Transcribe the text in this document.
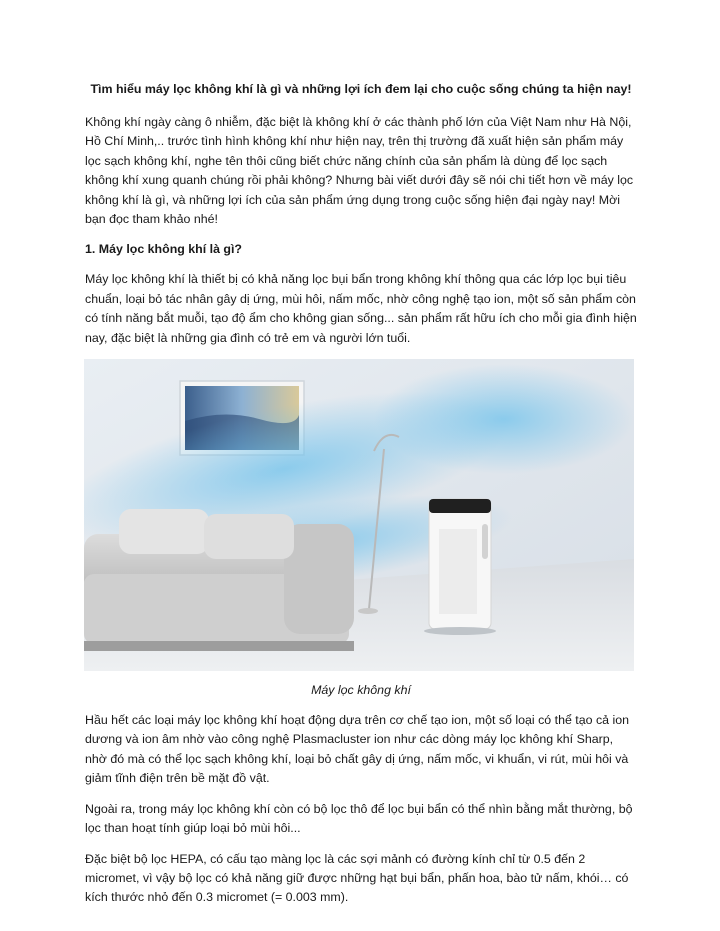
Tìm hiểu máy lọc không khí là gì và những lợi ích đem lại cho cuộc sống chúng ta hiện nay!

Không khí ngày càng ô nhiễm, đặc biệt là không khí ở các thành phố lớn của Việt Nam như Hà Nội, Hồ Chí Minh,.. trước tình hình không khí như hiện nay, trên thị trường đã xuất hiện sản phẩm máy lọc sạch không khí, nghe tên thôi cũng biết chức năng chính của sản phẩm là dùng để lọc sạch không khí xung quanh chúng rồi phải không? Nhưng bài viết dưới đây sẽ nói chi tiết hơn về máy lọc không khí là gì, và những lợi ích của sản phẩm ứng dụng trong cuộc sống hiện đại ngày nay! Mời bạn đọc tham khảo nhé!

1. Máy lọc không khí là gì?

Máy lọc không khí là thiết bị có khả năng lọc bụi bẩn trong không khí thông qua các lớp lọc bụi tiêu chuẩn, loại bỏ tác nhân gây dị ứng, mùi hôi, nấm mốc, nhờ công nghệ tạo ion, một số sản phẩm còn có tính năng bắt muỗi, tạo độ ẩm cho không gian sống... sản phẩm rất hữu ích cho mỗi gia đình hiện nay, đặc biệt là những gia đình có trẻ em và người lớn tuổi.

Máy lọc không khí

Hầu hết các loại máy lọc không khí hoạt động dựa trên cơ chế tạo ion, một số loại có thể tạo cả ion dương và ion âm nhờ vào công nghệ Plasmacluster ion như các dòng máy lọc không khí Sharp, nhờ đó mà có thể lọc sạch không khí, loại bỏ chất gây dị ứng, nấm mốc, vi khuẩn, vi rút, mùi hôi và giảm tĩnh điện trên bề mặt đồ vật.

Ngoài ra, trong máy lọc không khí còn có bộ lọc thô để lọc bụi bẩn có thể nhìn bằng mắt thường, bộ lọc than hoạt tính giúp loại bỏ mùi hôi...

Đặc biệt bộ lọc HEPA, có cấu tạo màng lọc là các sợi mảnh có đường kính chỉ từ 0.5 đến 2 micromet, vì vậy bộ lọc có khả năng giữ được những hạt bụi bẩn, phấn hoa, bào tử nấm, khói… có kích thước nhỏ đến 0.3 micromet (= 0.003 mm).
